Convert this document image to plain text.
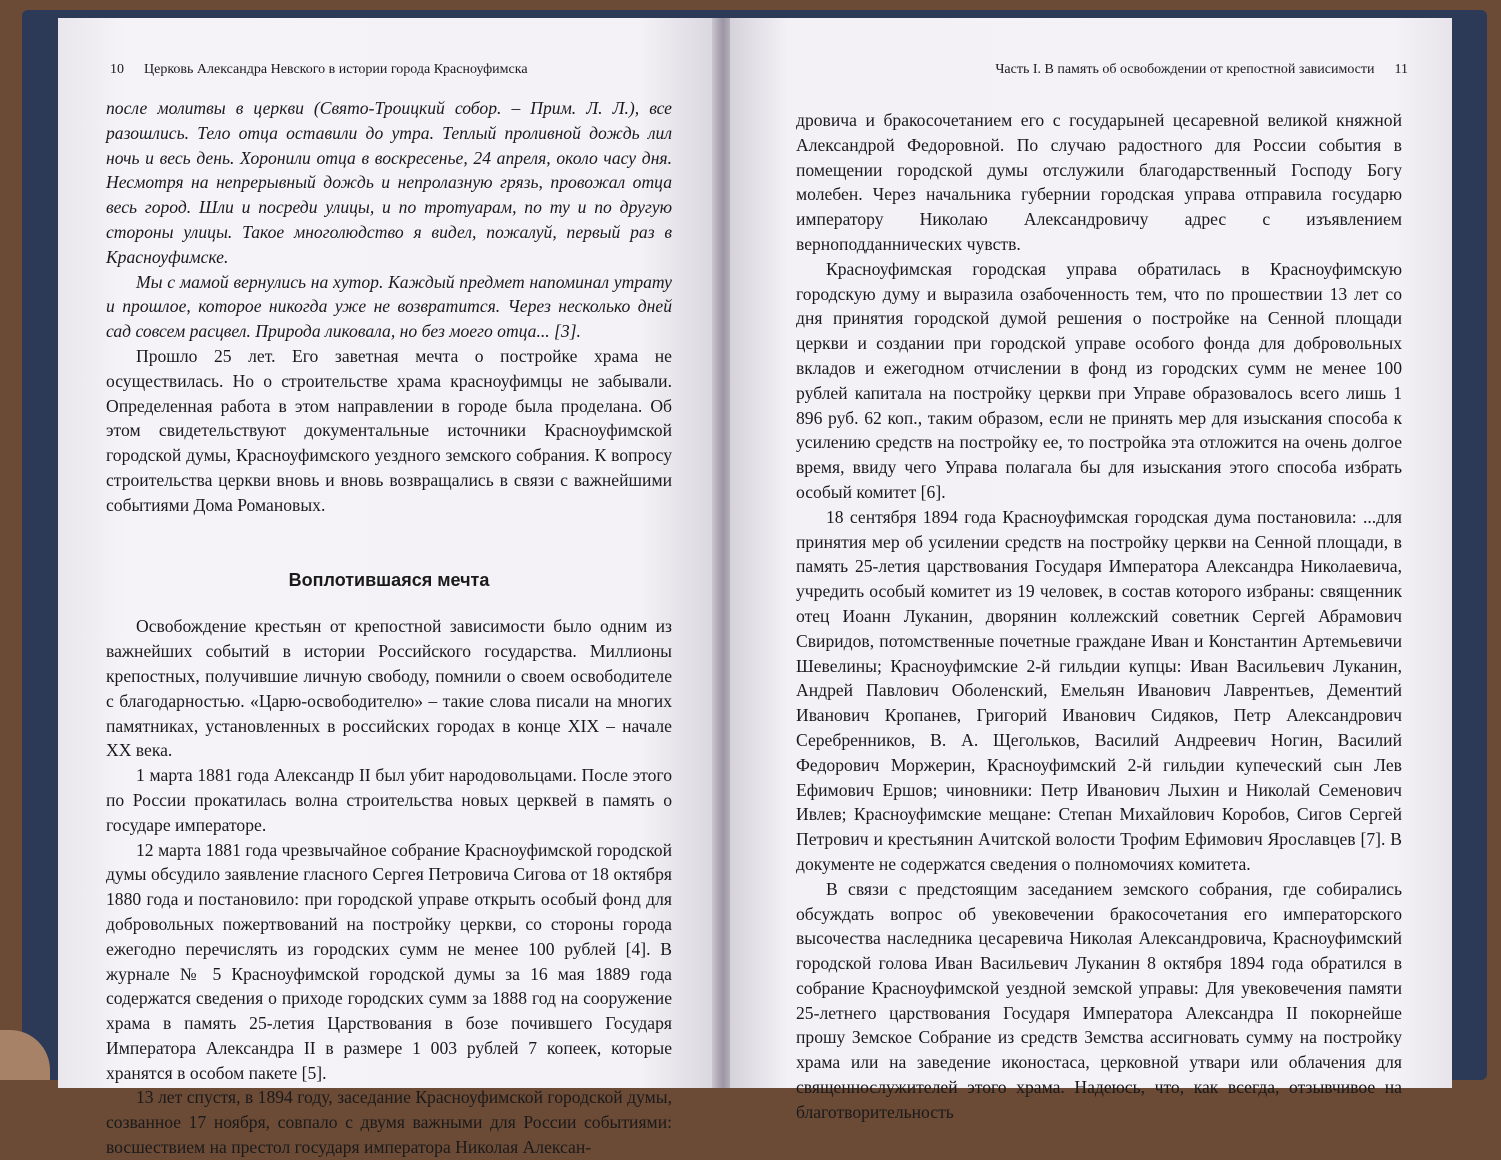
10 Церковь Александра Невского в истории города Красноуфимска

после молитвы в церкви (Свято-Троицкий собор. – Прим. Л. Л.), все разошлись. Тело отца оставили до утра. Теплый проливной дождь лил ночь и весь день. Хоронили отца в воскресенье, 24 апреля, около часу дня. Несмотря на непрерывный дождь и непролазную грязь, провожал отца весь город. Шли и посреди улицы, и по тротуарам, по ту и по другую стороны улицы. Такое многолюдство я видел, пожалуй, первый раз в Красноуфимске.

Мы с мамой вернулись на хутор. Каждый предмет напоминал утрату и прошлое, которое никогда уже не возвратится. Через несколько дней сад совсем расцвел. Природа ликовала, но без моего отца... [3].

Прошло 25 лет. Его заветная мечта о постройке храма не осуществилась. Но о строительстве храма красноуфимцы не забывали. Определенная работа в этом направлении в городе была проделана. Об этом свидетельствуют документальные источники Красноуфимской городской думы, Красноуфимского уездного земского собрания. К вопросу строительства церкви вновь и вновь возвращались в связи с важнейшими событиями Дома Романовых.

Воплотившаяся мечта

Освобождение крестьян от крепостной зависимости было одним из важнейших событий в истории Российского государства. Миллионы крепостных, получившие личную свободу, помнили о своем освободителе с благодарностью. «Царю-освободителю» – такие слова писали на многих памятниках, установленных в российских городах в конце XIX – начале XX века.

1 марта 1881 года Александр II был убит народовольцами. После этого по России прокатилась волна строительства новых церквей в память о государе императоре.

12 марта 1881 года чрезвычайное собрание Красноуфимской городской думы обсудило заявление гласного Сергея Петровича Сигова от 18 октября 1880 года и постановило: при городской управе открыть особый фонд для добровольных пожертвований на постройку церкви, со стороны города ежегодно перечислять из городских сумм не менее 100 рублей [4]. В журнале № 5 Красноуфимской городской думы за 16 мая 1889 года содержатся сведения о приходе городских сумм за 1888 год на сооружение храма в память 25-летия Царствования в бозе почившего Государя Императора Александра II в размере 1 003 рублей 7 копеек, которые хранятся в особом пакете [5].

13 лет спустя, в 1894 году, заседание Красноуфимской городской думы, созванное 17 ноября, совпало с двумя важными для России событиями: восшествием на престол государя императора Николая Алексан-

Часть I. В память об освобождении от крепостной зависимости 11

дровича и бракосочетанием его с государыней цесаревной великой княжной Александрой Федоровной. По случаю радостного для России события в помещении городской думы отслужили благодарственный Господу Богу молебен. Через начальника губернии городская управа отправила государю императору Николаю Александровичу адрес с изъявлением верноподданнических чувств.

Красноуфимская городская управа обратилась в Красноуфимскую городскую думу и выразила озабоченность тем, что по прошествии 13 лет со дня принятия городской думой решения о постройке на Сенной площади церкви и создании при городской управе особого фонда для добровольных вкладов и ежегодном отчислении в фонд из городских сумм не менее 100 рублей капитала на постройку церкви при Управе образовалось всего лишь 1 896 руб. 62 коп., таким образом, если не принять мер для изыскания способа к усилению средств на постройку ее, то постройка эта отложится на очень долгое время, ввиду чего Управа полагала бы для изыскания этого способа избрать особый комитет [6].

18 сентября 1894 года Красноуфимская городская дума постановила: ...для принятия мер об усилении средств на постройку церкви на Сенной площади, в память 25-летия царствования Государя Императора Александра Николаевича, учредить особый комитет из 19 человек, в состав которого избраны: священник отец Иоанн Луканин, дворянин коллежский советник Сергей Абрамович Свиридов, потомственные почетные граждане Иван и Константин Артемьевичи Шевелины; Красноуфимские 2-й гильдии купцы: Иван Васильевич Луканин, Андрей Павлович Оболенский, Емельян Иванович Лаврентьев, Дементий Иванович Кропанев, Григорий Иванович Сидяков, Петр Александрович Серебренников, В. А. Щегольков, Василий Андреевич Ногин, Василий Федорович Моржерин, Красноуфимский 2-й гильдии купеческий сын Лев Ефимович Ершов; чиновники: Петр Иванович Лыхин и Николай Семенович Ивлев; Красноуфимские мещане: Степан Михайлович Коробов, Сигов Сергей Петрович и крестьянин Ачитской волости Трофим Ефимович Ярославцев [7]. В документе не содержатся сведения о полномочиях комитета.

В связи с предстоящим заседанием земского собрания, где собирались обсуждать вопрос об увековечении бракосочетания его императорского высочества наследника цесаревича Николая Александровича, Красноуфимский городской голова Иван Васильевич Луканин 8 октября 1894 года обратился в собрание Красноуфимской уездной земской управы: Для увековечения памяти 25-летнего царствования Государя Императора Александра II покорнейше прошу Земское Собрание из средств Земства ассигновать сумму на постройку храма или на заведение иконостаса, церковной утвари или облачения для священнослужителей этого храма. Надеюсь, что, как всегда, отзывчивое на благотворительность
